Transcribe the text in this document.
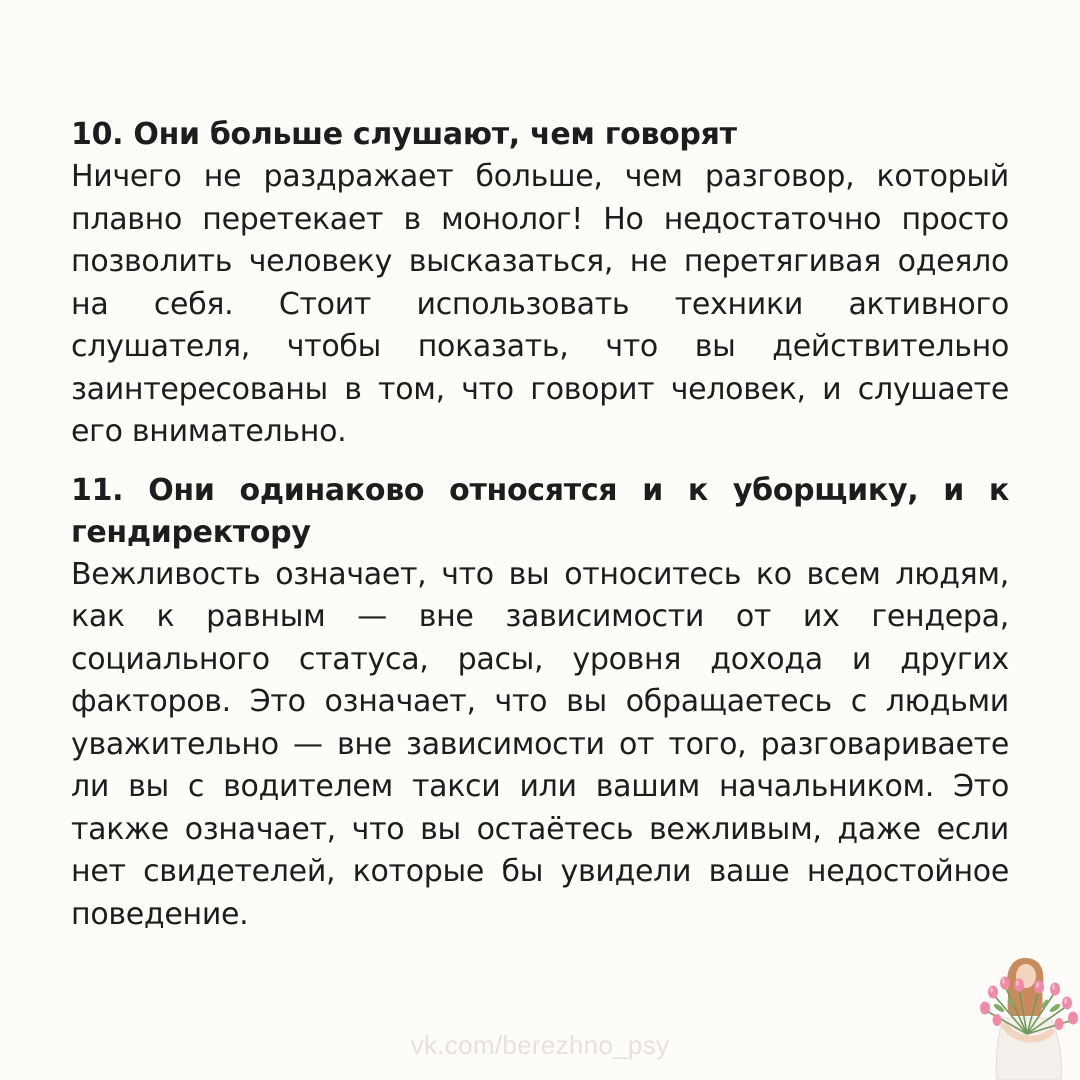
10. Они больше слушают, чем говорят

Ничего не раздражает больше, чем разговор, который плавно перетекает в монолог! Но недостаточно просто позволить человеку высказаться, не перетягивая одеяло на себя. Стоит использовать техники активного слушателя, чтобы показать, что вы действительно заинтересованы в том, что говорит человек, и слушаете его внимательно.

11. Они одинаково относятся и к уборщику, и к гендиректору

Вежливость означает, что вы относитесь ко всем людям, как к равным — вне зависимости от их гендера, социального статуса, расы, уровня дохода и других факторов. Это означает, что вы обращаетесь с людьми уважительно — вне зависимости от того, разговариваете ли вы с водителем такси или вашим начальником. Это также означает, что вы остаётесь вежливым, даже если нет свидетелей, которые бы увидели ваше недостойное поведение.

vk.com/berezhno_psy
